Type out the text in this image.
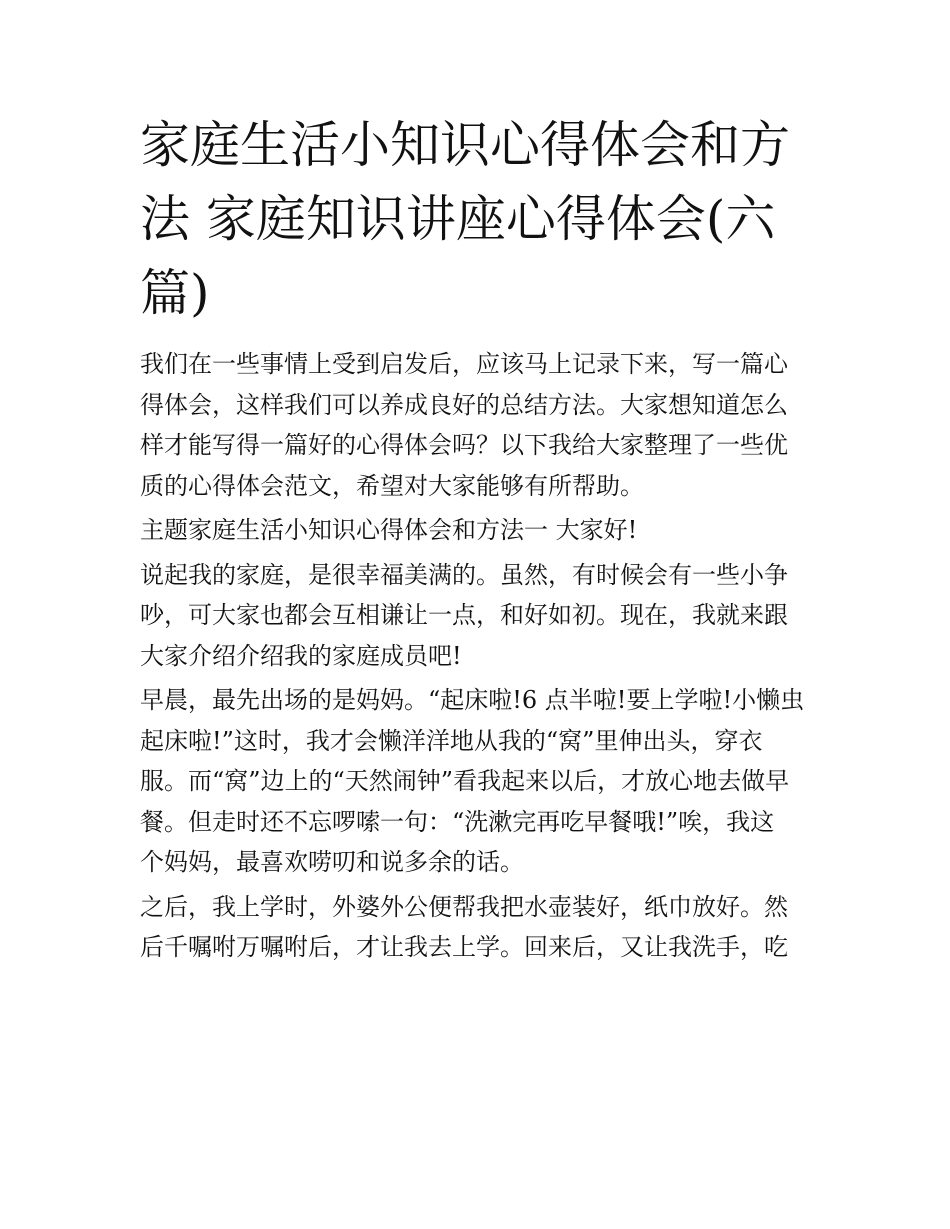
家庭生活小知识心得体会和方
法 家庭知识讲座心得体会(六
篇)

我们在一些事情上受到启发后，应该马上记录下来，写一篇心
得体会，这样我们可以养成良好的总结方法。大家想知道怎么
样才能写得一篇好的心得体会吗？以下我给大家整理了一些优
质的心得体会范文，希望对大家能够有所帮助。

主题家庭生活小知识心得体会和方法一 大家好!

说起我的家庭，是很幸福美满的。虽然，有时候会有一些小争
吵，可大家也都会互相谦让一点，和好如初。现在，我就来跟
大家介绍介绍我的家庭成员吧!

早晨，最先出场的是妈妈。“起床啦!6 点半啦!要上学啦!小懒虫
起床啦!”这时，我才会懒洋洋地从我的“窝”里伸出头，穿衣
服。而“窝”边上的“天然闹钟”看我起来以后，才放心地去做早
餐。但走时还不忘啰嗦一句：“洗漱完再吃早餐哦!”唉，我这
个妈妈，最喜欢唠叨和说多余的话。

之后，我上学时，外婆外公便帮我把水壶装好，纸巾放好。然
后千嘱咐万嘱咐后，才让我去上学。回来后，又让我洗手，吃
